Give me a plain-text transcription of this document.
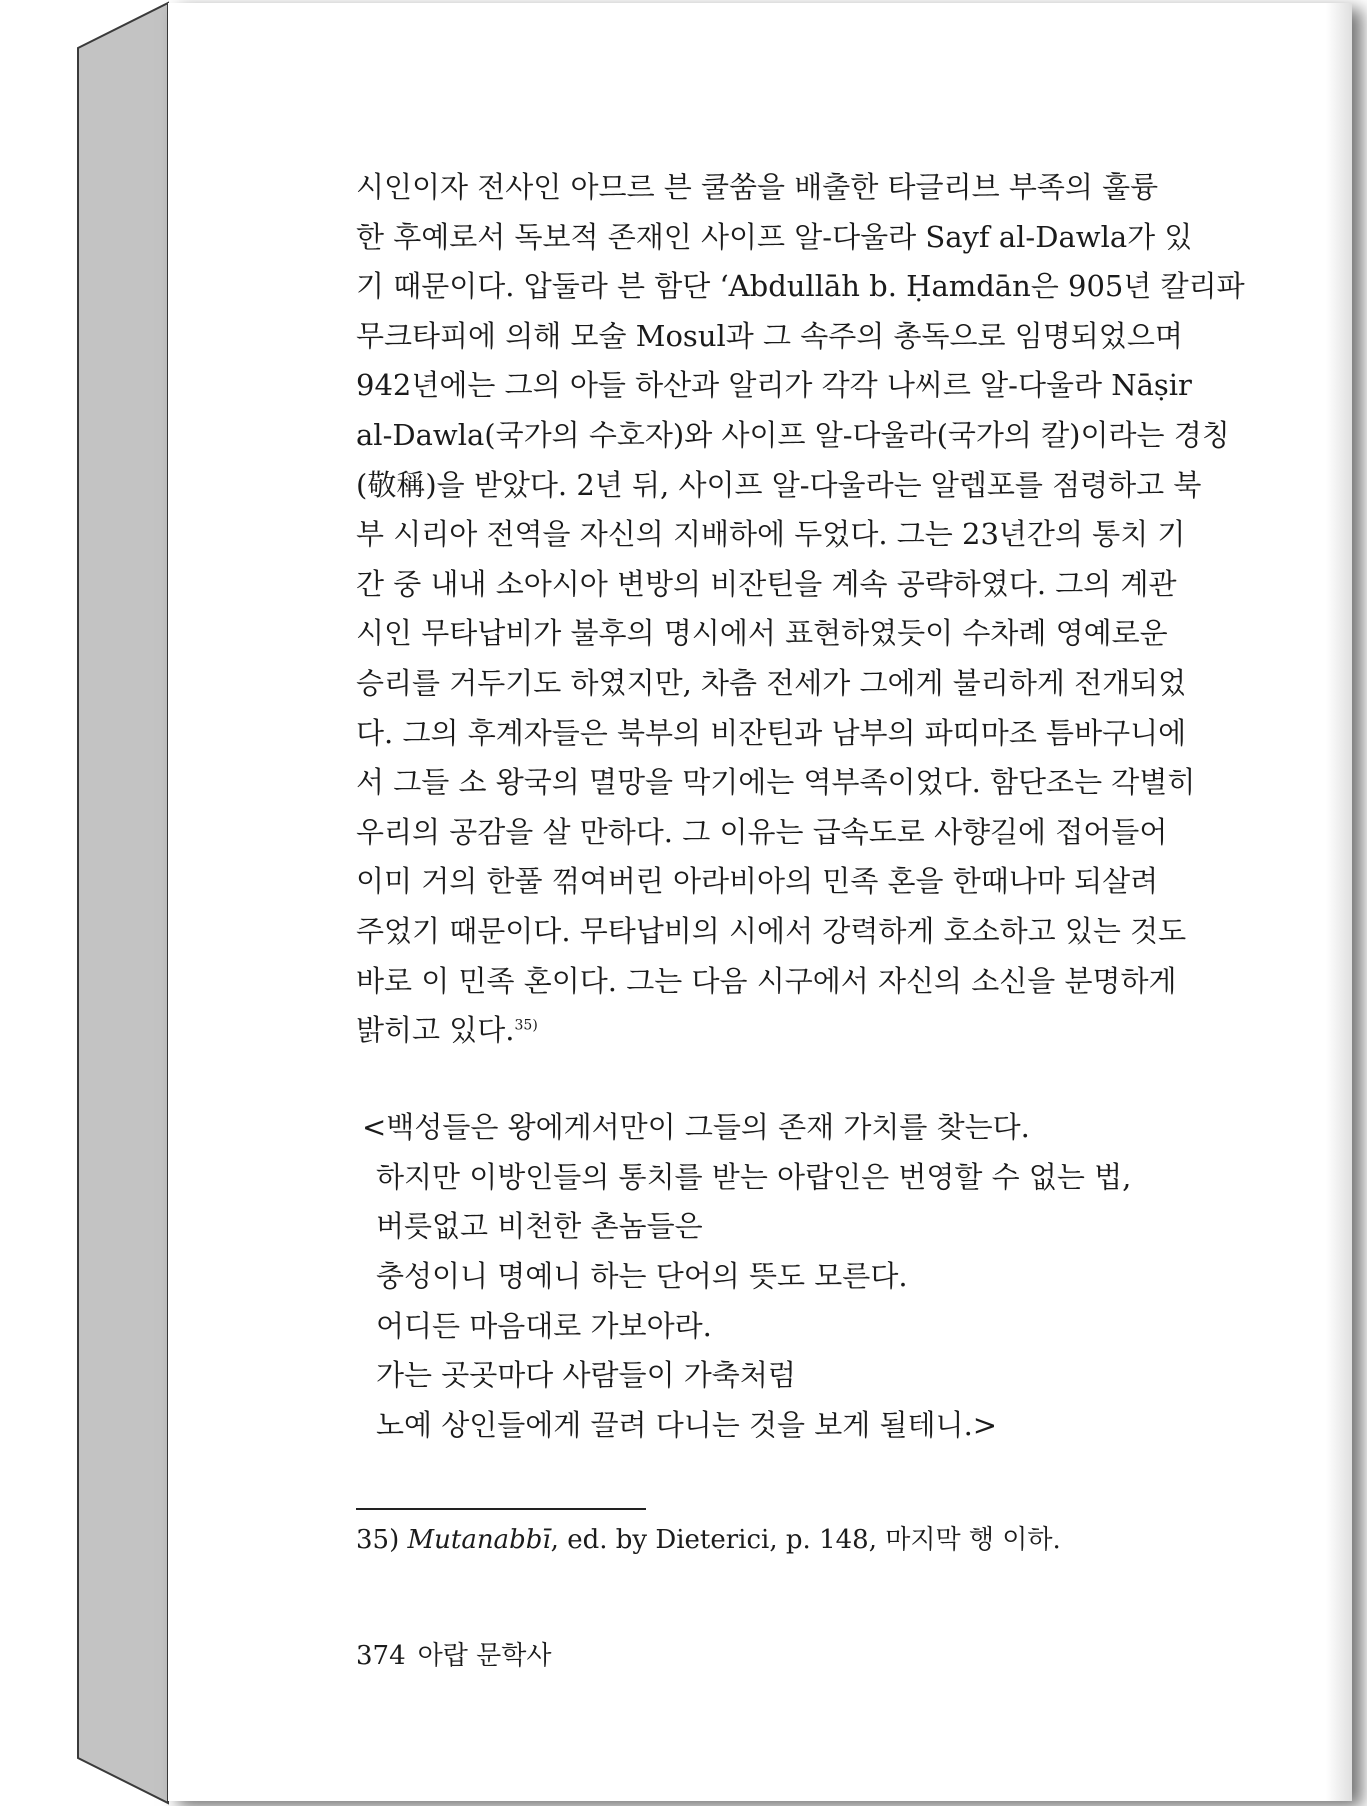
시인이자 전사인 아므르 븐 쿨쑴을 배출한 타글리브 부족의 훌륭
한 후예로서 독보적 존재인 사이프 알-다울라 Sayf al-Dawla가 있
기 때문이다. 압둘라 븐 함단 ʻAbdullāh b. Ḥamdān은 905년 칼리파
무크타피에 의해 모술 Mosul과 그 속주의 총독으로 임명되었으며
942년에는 그의 아들 하산과 알리가 각각 나씨르 알-다울라 Nāṣir
al-Dawla(국가의 수호자)와 사이프 알-다울라(국가의 칼)이라는 경칭
(敬稱)을 받았다. 2년 뒤, 사이프 알-다울라는 알렙포를 점령하고 북
부 시리아 전역을 자신의 지배하에 두었다. 그는 23년간의 통치 기
간 중 내내 소아시아 변방의 비잔틴을 계속 공략하였다. 그의 계관
시인 무타납비가 불후의 명시에서 표현하였듯이 수차례 영예로운
승리를 거두기도 하였지만, 차츰 전세가 그에게 불리하게 전개되었
다. 그의 후계자들은 북부의 비잔틴과 남부의 파띠마조 틈바구니에
서 그들 소 왕국의 멸망을 막기에는 역부족이었다. 함단조는 각별히
우리의 공감을 살 만하다. 그 이유는 급속도로 사향길에 접어들어
이미 거의 한풀 꺾여버린 아라비아의 민족 혼을 한때나마 되살려
주었기 때문이다. 무타납비의 시에서 강력하게 호소하고 있는 것도
바로 이 민족 혼이다. 그는 다음 시구에서 자신의 소신을 분명하게
밝히고 있다.$^{35)}$
<백성들은 왕에게서만이 그들의 존재 가치를 찾는다.
하지만 이방인들의 통치를 받는 아랍인은 번영할 수 없는 법,
버릇없고 비천한 촌놈들은
충성이니 명예니 하는 단어의 뜻도 모른다.
어디든 마음대로 가보아라.
가는 곳곳마다 사람들이 가축처럼
노예 상인들에게 끌려 다니는 것을 보게 될테니.>
35) Mutanabbī, ed. by Dieterici, p. 148, 마지막 행 이하.
374 아랍 문학사
